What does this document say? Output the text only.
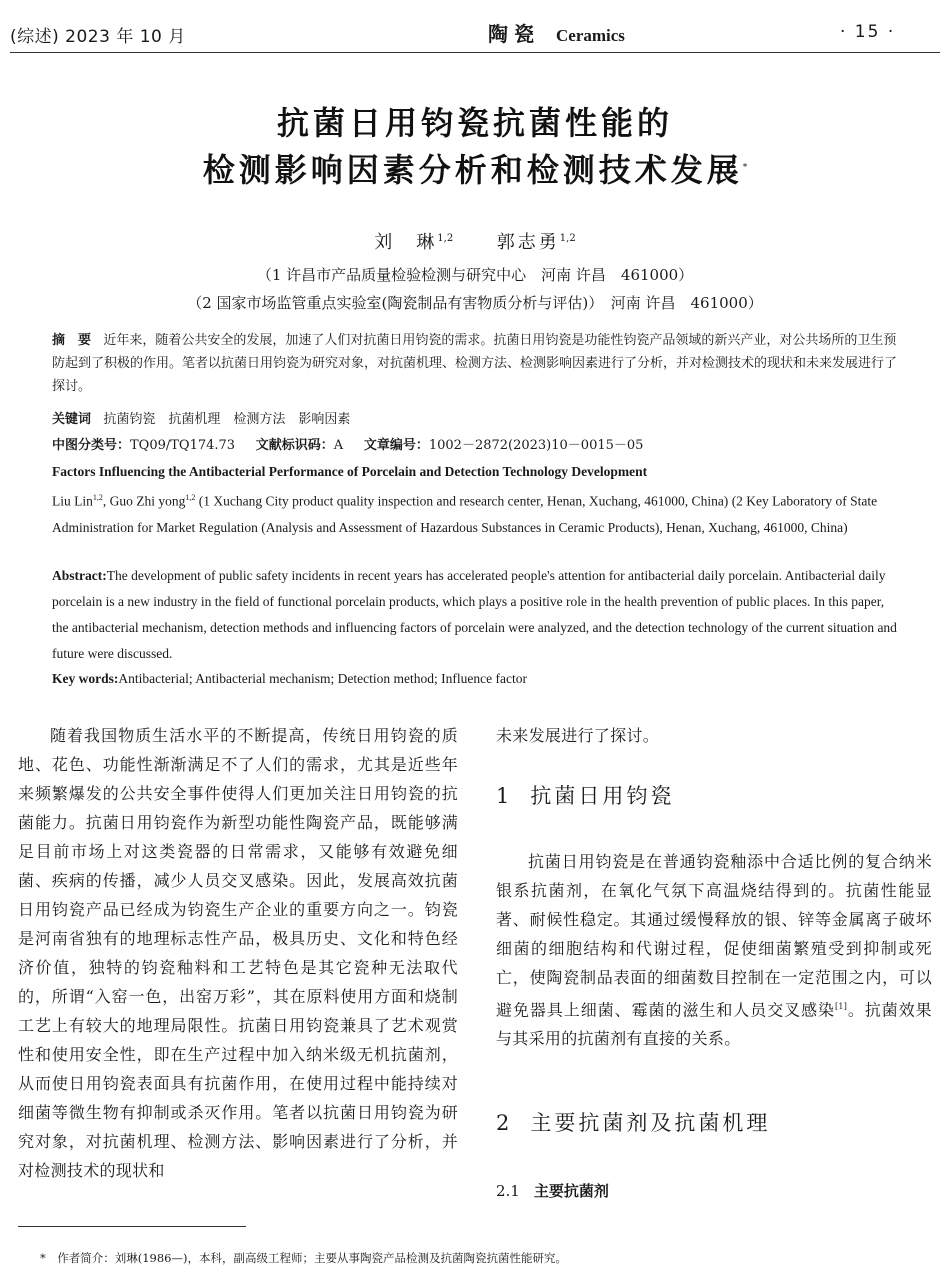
(综述) 2023 年 10 月	陶瓷 Ceramics	· 15 ·
抗菌日用钧瓷抗菌性能的
检测影响因素分析和检测技术发展*
刘　琳$^{1,2}$ 郭志勇$^{1,2}$
（1 许昌市产品质量检验检测与研究中心　河南 许昌　461000）
（2 国家市场监管重点实验室(陶瓷制品有害物质分析与评估)）　河南 许昌　461000）
摘　要 近年来，随着公共安全的发展，加速了人们对抗菌日用钧瓷的需求。抗菌日用钧瓷是功能性钧瓷产品领域的新兴产业，对公共场所的卫生预防起到了积极的作用。笔者以抗菌日用钧瓷为研究对象，对抗菌机理、检测方法、检测影响因素进行了分析，并对检测技术的现状和未来发展进行了探讨。
关键词 抗菌钧瓷　抗菌机理　检测方法　影响因素
中图分类号：TQ09/TQ174.73 文献标识码：A 文章编号：1002－2872(2023)10－0015－05
Factors Influencing the Antibacterial Performance of Porcelain and Detection Technology Development
Liu Lin$^{1,2}$, Guo Zhi yong$^{1,2}$ (1 Xuchang City product quality inspection and research center, Henan, Xuchang, 461000, China) (2 Key Laboratory of State Administration for Market Regulation (Analysis and Assessment of Hazardous Substances in Ceramic Products), Henan, Xuchang, 461000, China)
Abstract:The development of public safety incidents in recent years has accelerated people's attention for antibacterial daily porcelain. Antibacterial daily porcelain is a new industry in the field of functional porcelain products, which plays a positive role in the health prevention of public places. In this paper, the antibacterial mechanism, detection methods and influencing factors of porcelain were analyzed, and the detection technology of the current situation and future were discussed.
Key words:Antibacterial; Antibacterial mechanism; Detection method; Influence factor
随着我国物质生活水平的不断提高，传统日用钧瓷的质地、花色、功能性渐渐满足不了人们的需求，尤其是近些年来频繁爆发的公共安全事件使得人们更加关注日用钧瓷的抗菌能力。抗菌日用钧瓷作为新型功能性陶瓷产品，既能够满足目前市场上对这类瓷器的日常需求，又能够有效避免细菌、疾病的传播，减少人员交叉感染。因此，发展高效抗菌日用钧瓷产品已经成为钧瓷生产企业的重要方向之一。钧瓷是河南省独有的地理标志性产品，极具历史、文化和特色经济价值，独特的钧瓷釉料和工艺特色是其它瓷种无法取代的，所谓“入窑一色，出窑万彩”，其在原料使用方面和烧制工艺上有较大的地理局限性。抗菌日用钧瓷兼具了艺术观赏性和使用安全性，即在生产过程中加入纳米级无机抗菌剂，从而使日用钧瓷表面具有抗菌作用，在使用过程中能持续对细菌等微生物有抑制或杀灭作用。笔者以抗菌日用钧瓷为研究对象，对抗菌机理、检测方法、影响因素进行了分析，并对检测技术的现状和
未来发展进行了探讨。
1 抗菌日用钧瓷
抗菌日用钧瓷是在普通钧瓷釉添中合适比例的复合纳米银系抗菌剂，在氧化气氛下高温烧结得到的。抗菌性能显著、耐候性稳定。其通过缓慢释放的银、锌等金属离子破坏细菌的细胞结构和代谢过程，促使细菌繁殖受到抑制或死亡，使陶瓷制品表面的细菌数目控制在一定范围之内，可以避免器具上细菌、霉菌的滋生和人员交叉感染[1]。抗菌效果与其采用的抗菌剂有直接的关系。
2 主要抗菌剂及抗菌机理
2.1 主要抗菌剂
*　作者简介：刘琳(1986—)，本科，副高级工程师；主要从事陶瓷产品检测及抗菌陶瓷抗菌性能研究。
